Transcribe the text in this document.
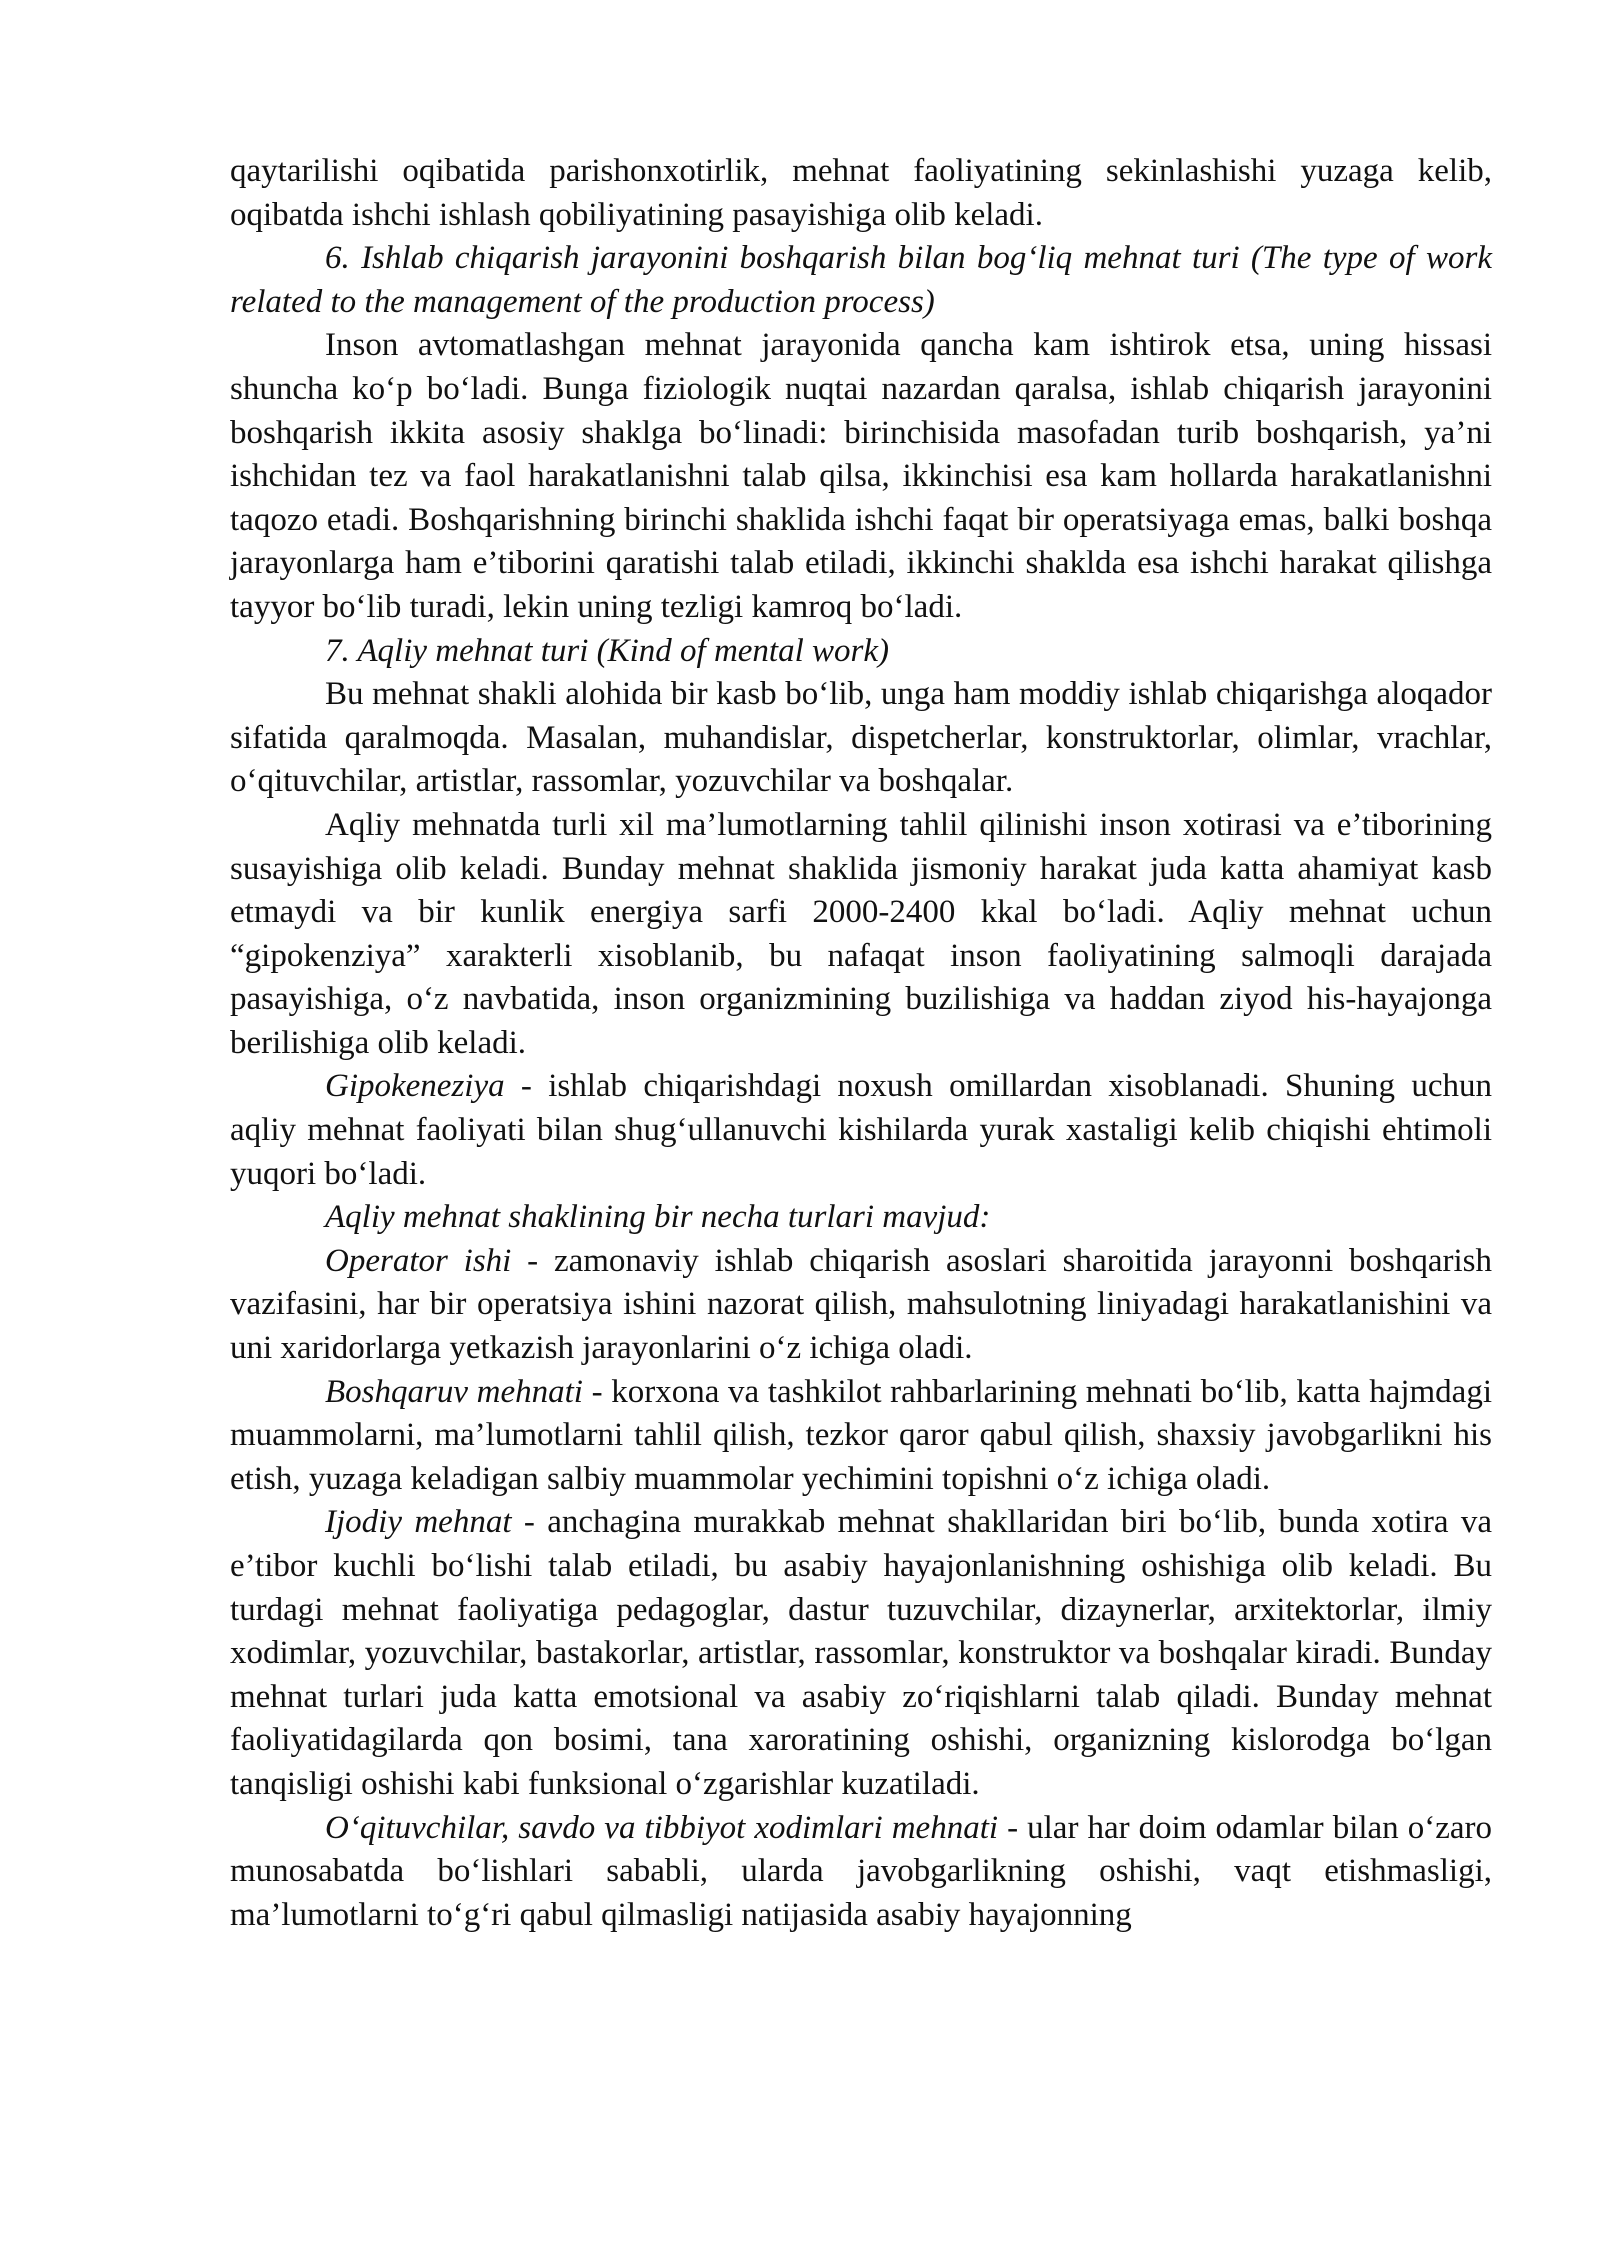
qaytarilishi oqibatida parishonxotirlik, mehnat faoliyatining sekinlashishi yuzaga kelib, oqibatda ishchi ishlash qobiliyatining pasayishiga olib keladi.

6. Ishlab chiqarish jarayonini boshqarish bilan bog‘liq mehnat turi (The type of work related to the management of the production process)

Inson avtomatlashgan mehnat jarayonida qancha kam ishtirok etsa, uning hissasi shuncha ko‘p bo‘ladi. Bunga fiziologik nuqtai nazardan qaralsa, ishlab chiqarish jarayonini boshqarish ikkita asosiy shaklga bo‘linadi: birinchisida masofadan turib boshqarish, ya’ni ishchidan tez va faol harakatlanishni talab qilsa, ikkinchisi esa kam hollarda harakatlanishni taqozo etadi. Boshqarishning birinchi shaklida ishchi faqat bir operatsiyaga emas, balki boshqa jarayonlarga ham e’tiborini qaratishi talab etiladi, ikkinchi shaklda esa ishchi harakat qilishga tayyor bo‘lib turadi, lekin uning tezligi kamroq bo‘ladi.

7. Aqliy mehnat turi (Kind of mental work)

Bu mehnat shakli alohida bir kasb bo‘lib, unga ham moddiy ishlab chiqarishga aloqador sifatida qaralmoqda. Masalan, muhandislar, dispetcherlar, konstruktorlar, olimlar, vrachlar, o‘qituvchilar, artistlar, rassomlar, yozuvchilar va boshqalar.

Aqliy mehnatda turli xil ma’lumotlarning tahlil qilinishi inson xotirasi va e’tiborining susayishiga olib keladi. Bunday mehnat shaklida jismoniy harakat juda katta ahamiyat kasb etmaydi va bir kunlik energiya sarfi 2000-2400 kkal bo‘ladi. Aqliy mehnat uchun “gipokenziya” xarakterli xisoblanib, bu nafaqat inson faoliyatining salmoqli darajada pasayishiga, o‘z navbatida, inson organizmining buzilishiga va haddan ziyod his-hayajonga berilishiga olib keladi.

Gipokeneziya - ishlab chiqarishdagi noxush omillardan xisoblanadi. Shuning uchun aqliy mehnat faoliyati bilan shug‘ullanuvchi kishilarda yurak xastaligi kelib chiqishi ehtimoli yuqori bo‘ladi.

Aqliy mehnat shaklining bir necha turlari mavjud:

Operator ishi - zamonaviy ishlab chiqarish asoslari sharoitida jarayonni boshqarish vazifasini, har bir operatsiya ishini nazorat qilish, mahsulotning liniyadagi harakatlanishini va uni xaridorlarga yetkazish jarayonlarini o‘z ichiga oladi.

Boshqaruv mehnati - korxona va tashkilot rahbarlarining mehnati bo‘lib, katta hajmdagi muammolarni, ma’lumotlarni tahlil qilish, tezkor qaror qabul qilish, shaxsiy javobgarlikni his etish, yuzaga keladigan salbiy muammolar yechimini topishni o‘z ichiga oladi.

Ijodiy mehnat - anchagina murakkab mehnat shakllaridan biri bo‘lib, bunda xotira va e’tibor kuchli bo‘lishi talab etiladi, bu asabiy hayajonlanishning oshishiga olib keladi. Bu turdagi mehnat faoliyatiga pedagoglar, dastur tuzuvchilar, dizaynerlar, arxitektorlar, ilmiy xodimlar, yozuvchilar, bastakorlar, artistlar, rassomlar, konstruktor va boshqalar kiradi. Bunday mehnat turlari juda katta emotsional va asabiy zo‘riqishlarni talab qiladi. Bunday mehnat faoliyatidagilarda qon bosimi, tana xaroratining oshishi, organizning kislorodga bo‘lgan tanqisligi oshishi kabi funksional o‘zgarishlar kuzatiladi.

O‘qituvchilar, savdo va tibbiyot xodimlari mehnati - ular har doim odamlar bilan o‘zaro munosabatda bo‘lishlari sababli, ularda javobgarlikning oshishi, vaqt etishmasligi, ma’lumotlarni to‘g‘ri qabul qilmasligi natijasida asabiy hayajonning
